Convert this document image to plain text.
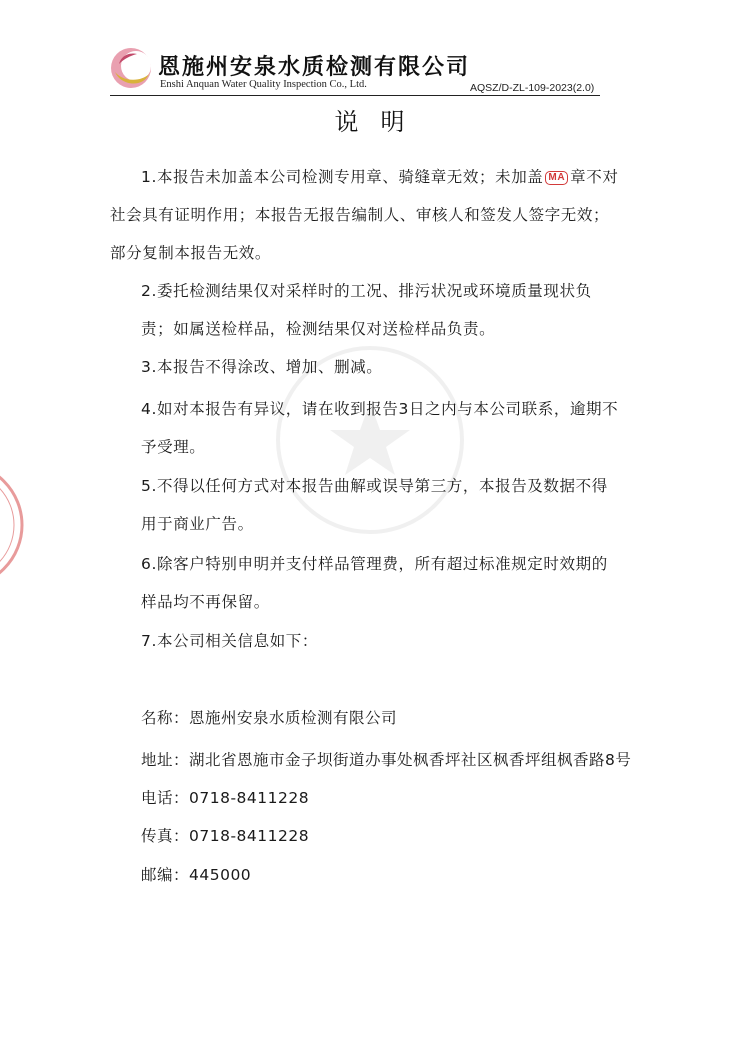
恩施州安泉水质检测有限公司
Enshi Anquan Water Quality Inspection Co., Ltd.	AQSZ/D-ZL-109-2023(2.0)
说明
1.本报告未加盖本公司检测专用章、骑缝章无效；未加盖 MA 章不对社会具有证明作用；本报告无报告编制人、审核人和签发人签字无效；部分复制本报告无效。
2.委托检测结果仅对采样时的工况、排污状况或环境质量现状负责；如属送检样品，检测结果仅对送检样品负责。
3.本报告不得涂改、增加、删减。
4.如对本报告有异议，请在收到报告3日之内与本公司联系，逾期不予受理。
5.不得以任何方式对本报告曲解或误导第三方，本报告及数据不得用于商业广告。
6.除客户特别申明并支付样品管理费，所有超过标准规定时效期的样品均不再保留。
7.本公司相关信息如下：
名称：恩施州安泉水质检测有限公司
地址：湖北省恩施市金子坝街道办事处枫香坪社区枫香坪组枫香路8号
电话：0718-8411228
传真：0718-8411228
邮编：445000
